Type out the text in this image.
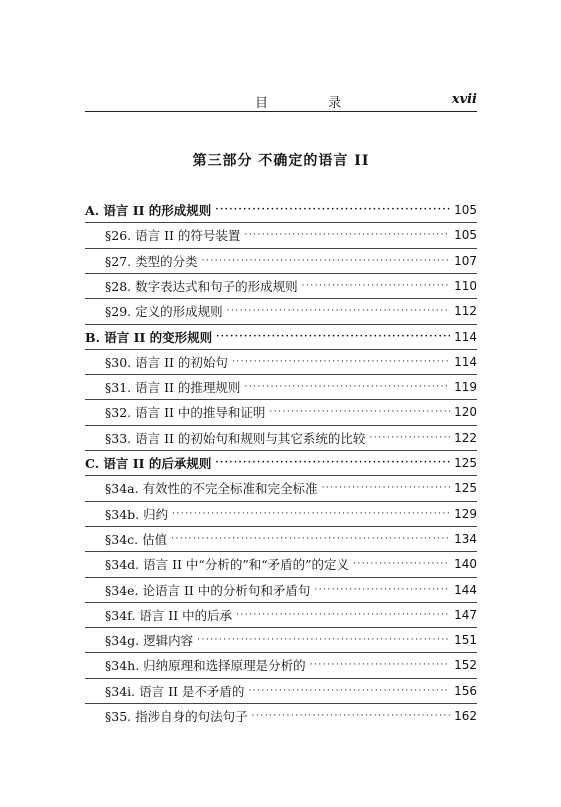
目 录	xvii
第三部分 不确定的语言 II
A. 语言 II 的形成规则 ·····	105
§26. 语言 II 的符号装置 ·····	105
§27. 类型的分类 ·····	107
§28. 数字表达式和句子的形成规则 ·····	110
§29. 定义的形成规则 ·····	112
B. 语言 II 的变形规则 ·····	114
§30. 语言 II 的初始句 ·····	114
§31. 语言 II 的推理规则 ·····	119
§32. 语言 II 中的推导和证明 ·····	120
§33. 语言 II 的初始句和规则与其它系统的比较 ·····	122
C. 语言 II 的后承规则 ·····	125
§34a. 有效性的不完全标准和完全标准 ·····	125
§34b. 归约 ·····	129
§34c. 估值 ·····	134
§34d. 语言 II 中“分析的”和“矛盾的”的定义 ·····	140
§34e. 论语言 II 中的分析句和矛盾句 ·····	144
§34f. 语言 II 中的后承 ·····	147
§34g. 逻辑内容 ·····	151
§34h. 归纳原理和选择原理是分析的 ·····	152
§34i. 语言 II 是不矛盾的 ·····	156
§35. 指涉自身的句法句子 ·····	162
